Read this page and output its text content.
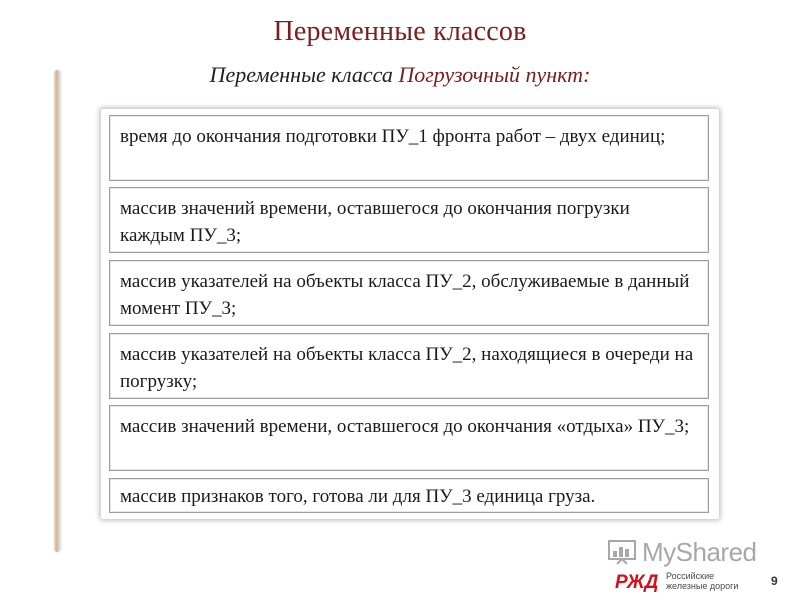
Переменные классов
Переменные класса Погрузочный пункт:
время до окончания подготовки ПУ_1 фронта работ – двух единиц;
массив значений времени, оставшегося до окончания погрузки каждым ПУ_3;
массив указателей на объекты класса ПУ_2, обслуживаемые в данный момент ПУ_3;
массив указателей на объекты класса ПУ_2, находящиеся в очереди на погрузку;
массив значений времени, оставшегося до окончания «отдыха» ПУ_3;
массив признаков того, готова ли для ПУ_3 единица груза.
MyShared
РЖД Российские
железные дороги	9
